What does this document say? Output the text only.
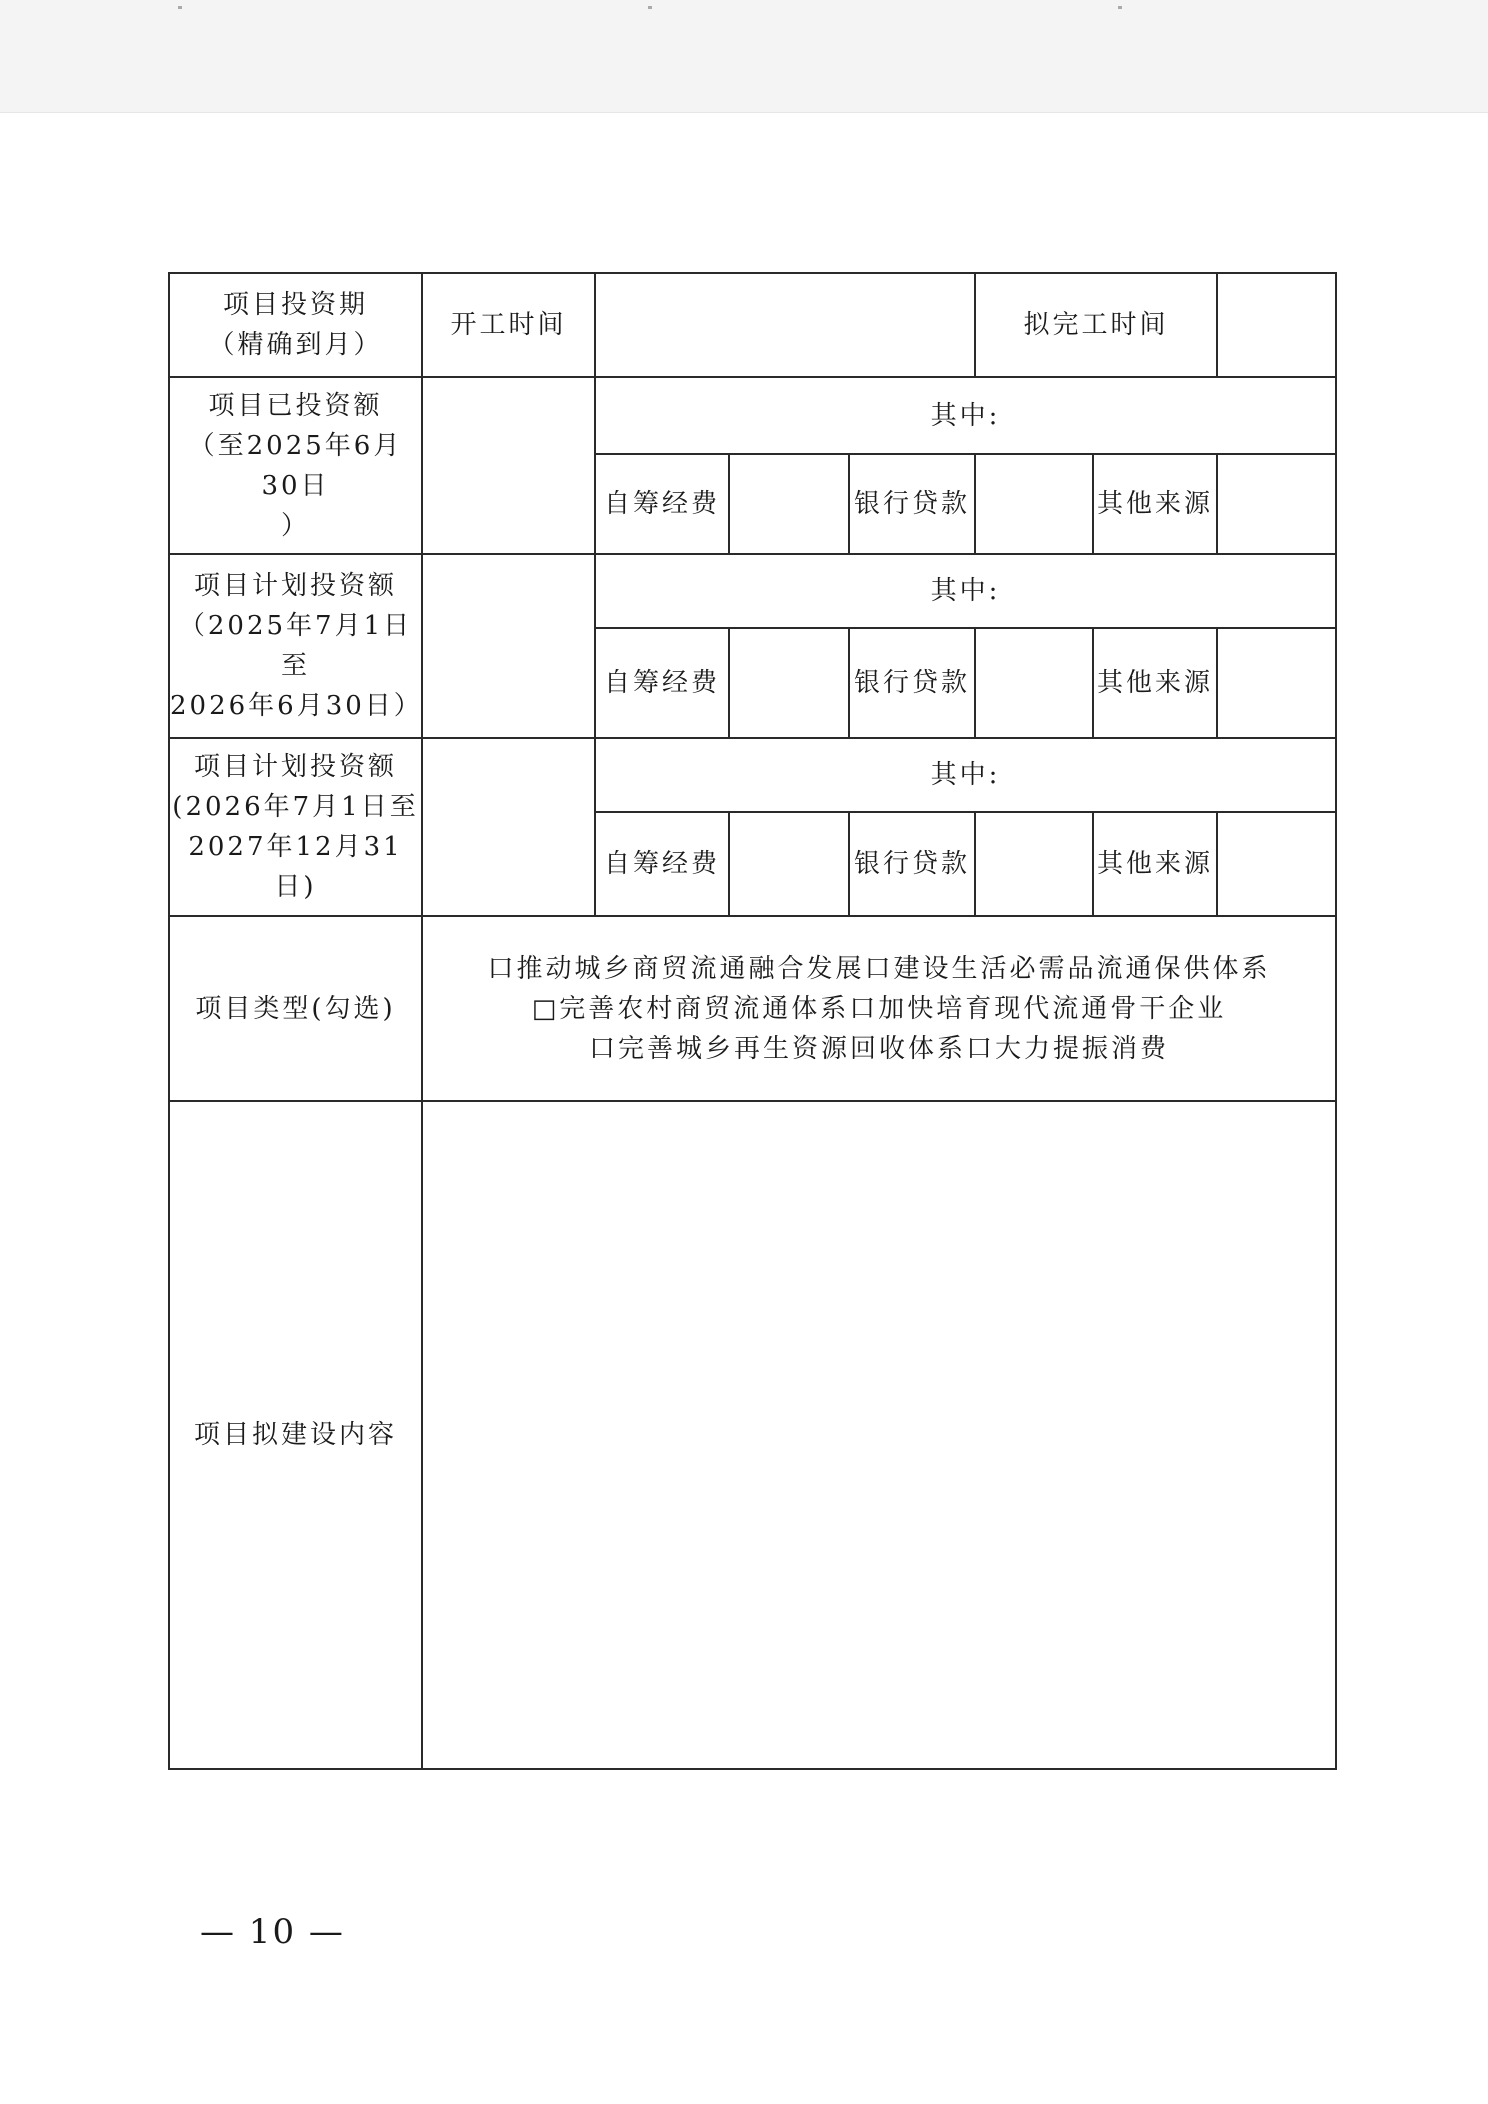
项目投资期
（精确到月）	开工时间				拟完工时间		

项目已投资额
（至2025年6月30日
）		其中:					
		自筹经费		银行贷款		其他来源	

项目计划投资额
（2025年7月1日至
2026年6月30日）		其中:					
		自筹经费		银行贷款		其他来源	

项目计划投资额
(2026年7月1日至
2027年12月31日)		其中:					
		自筹经费		银行贷款		其他来源	
项目类型(勾选)	口推动城乡商贸流通融合发展口建设生活必需品流通保供体系
□完善农村商贸流通体系口加快培育现代流通骨干企业
口完善城乡再生资源回收体系口大力提振消费						

项目拟建设内容							
— 10 —
